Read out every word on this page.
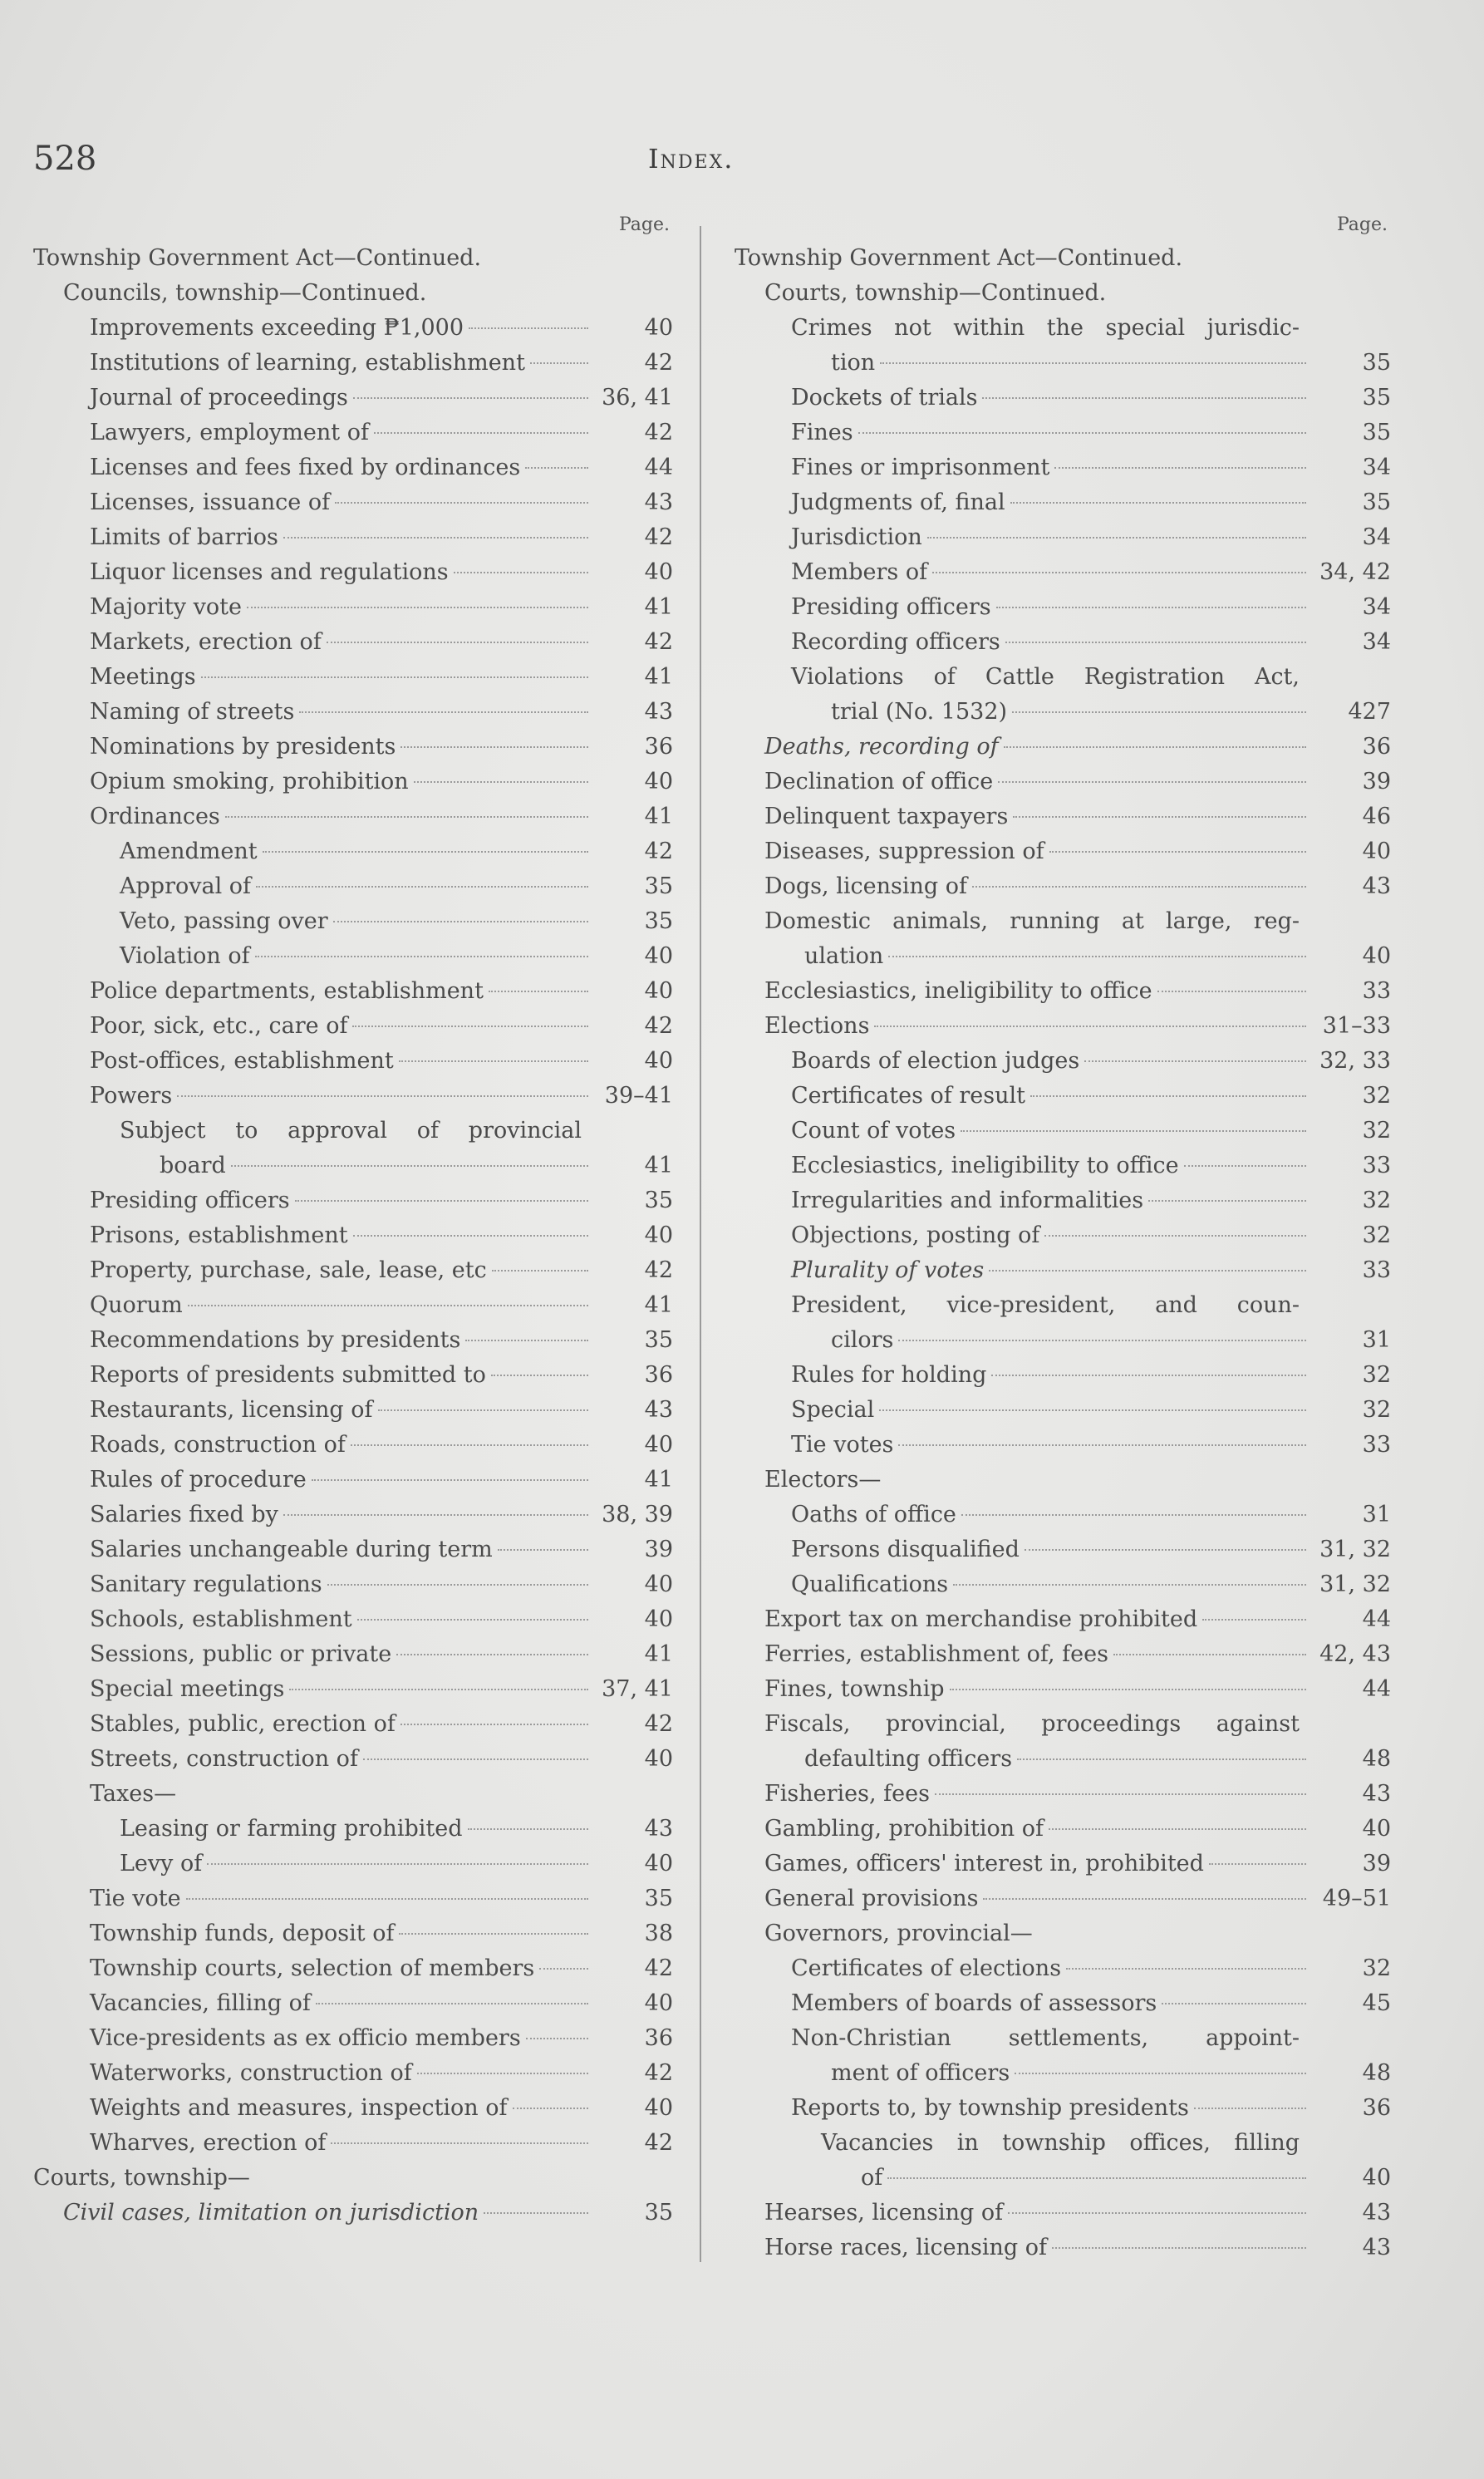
528	Index.
Page.
Township Government Act—Continued.
Councils, township—Continued.
Improvements exceeding ₱1,000	40
Institutions of learning, establishment	42
Journal of proceedings	36, 41
Lawyers, employment of	42
Licenses and fees fixed by ordinances	44
Licenses, issuance of	43
Limits of barrios	42
Liquor licenses and regulations	40
Majority vote	41
Markets, erection of	42
Meetings	41
Naming of streets	43
Nominations by presidents	36
Opium smoking, prohibition	40
Ordinances	41
Amendment	42
Approval of	35
Veto, passing over	35
Violation of	40
Police departments, establishment	40
Poor, sick, etc., care of	42
Post-offices, establishment	40
Powers	39–41
Subject to approval of provincial
board	41
Presiding officers	35
Prisons, establishment	40
Property, purchase, sale, lease, etc	42
Quorum	41
Recommendations by presidents	35
Reports of presidents submitted to	36
Restaurants, licensing of	43
Roads, construction of	40
Rules of procedure	41
Salaries fixed by	38, 39
Salaries unchangeable during term	39
Sanitary regulations	40
Schools, establishment	40
Sessions, public or private	41
Special meetings	37, 41
Stables, public, erection of	42
Streets, construction of	40
Taxes—
Leasing or farming prohibited	43
Levy of	40
Tie vote	35
Township funds, deposit of	38
Township courts, selection of members	42
Vacancies, filling of	40
Vice-presidents as ex officio members	36
Waterworks, construction of	42
Weights and measures, inspection of	40
Wharves, erection of	42
Courts, township—
Civil cases, limitation on jurisdiction	35
Page.
Township Government Act—Continued.
Courts, township—Continued.
Crimes not within the special jurisdic-
tion	35
Dockets of trials	35
Fines	35
Fines or imprisonment	34
Judgments of, final	35
Jurisdiction	34
Members of	34, 42
Presiding officers	34
Recording officers	34
Violations of Cattle Registration Act,
trial (No. 1532)	427
Deaths, recording of	36
Declination of office	39
Delinquent taxpayers	46
Diseases, suppression of	40
Dogs, licensing of	43
Domestic animals, running at large, reg-
ulation	40
Ecclesiastics, ineligibility to office	33
Elections	31–33
Boards of election judges	32, 33
Certificates of result	32
Count of votes	32
Ecclesiastics, ineligibility to office	33
Irregularities and informalities	32
Objections, posting of	32
Plurality of votes	33
President, vice-president, and coun-
cilors	31
Rules for holding	32
Special	32
Tie votes	33
Electors—
Oaths of office	31
Persons disqualified	31, 32
Qualifications	31, 32
Export tax on merchandise prohibited	44
Ferries, establishment of, fees	42, 43
Fines, township	44
Fiscals, provincial, proceedings against
defaulting officers	48
Fisheries, fees	43
Gambling, prohibition of	40
Games, officers' interest in, prohibited	39
General provisions	49–51
Governors, provincial—
Certificates of elections	32
Members of boards of assessors	45
Non-Christian settlements, appoint-
ment of officers	48
Reports to, by township presidents	36
Vacancies in township offices, filling
of	40
Hearses, licensing of	43
Horse races, licensing of	43
